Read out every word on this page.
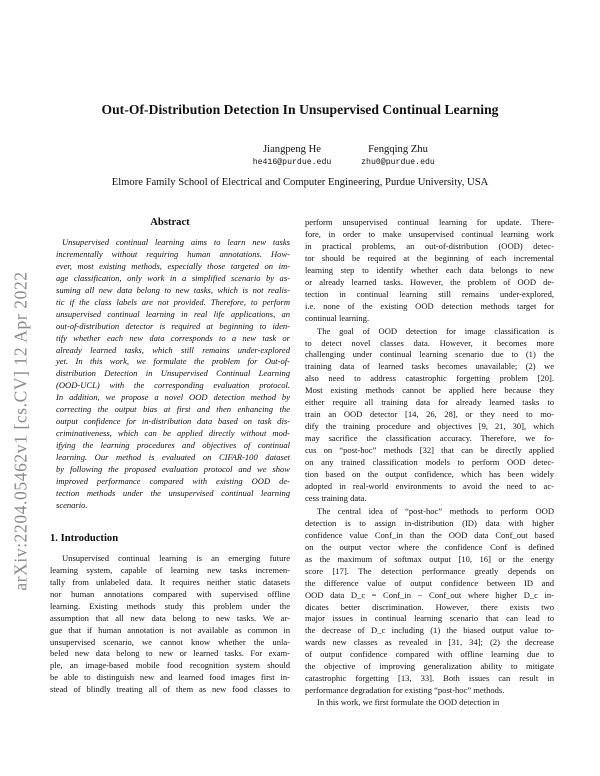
arXiv:2204.05462v1 [cs.CV] 12 Apr 2022
Out-Of-Distribution Detection In Unsupervised Continual Learning
Jiangpeng He
he416@purdue.edu
Fengqing Zhu
zhu0@purdue.edu
Elmore Family School of Electrical and Computer Engineering, Purdue University, USA
Abstract
Unsupervised continual learning aims to learn new tasks
incrementally without requiring human annotations. How-
ever, most existing methods, especially those targeted on im-
age classification, only work in a simplified scenario by as-
suming all new data belong to new tasks, which is not realis-
tic if the class labels are not provided. Therefore, to perform
unsupervised continual learning in real life applications, an
out-of-distribution detector is required at beginning to iden-
tify whether each new data corresponds to a new task or
already learned tasks, which still remains under-explored
yet. In this work, we formulate the problem for Out-of-
distribution Detection in Unsupervised Continual Learning
(OOD-UCL) with the corresponding evaluation protocol.
In addition, we propose a novel OOD detection method by
correcting the output bias at first and then enhancing the
output confidence for in-distribution data based on task dis-
criminativeness, which can be applied directly without mod-
ifying the learning procedures and objectives of continual
learning. Our method is evaluated on CIFAR-100 dataset
by following the proposed evaluation protocol and we show
improved performance compared with existing OOD de-
tection methods under the unsupervised continual learning
scenario.
1. Introduction
Unsupervised continual learning is an emerging future
learning system, capable of learning new tasks incremen-
tally from unlabeled data. It requires neither static datasets
nor human annotations compared with supervised offline
learning. Existing methods study this problem under the
assumption that all new data belong to new tasks. We ar-
gue that if human annotation is not available as common in
unsupervised scenario, we cannot know whether the unla-
beled new data belong to new or learned tasks. For exam-
ple, an image-based mobile food recognition system should
be able to distinguish new and learned food images first in-
stead of blindly treating all of them as new food classes to
perform unsupervised continual learning for update. There-
fore, in order to make unsupervised continual learning work
in practical problems, an out-of-distribution (OOD) detec-
tor should be required at the beginning of each incremental
learning step to identify whether each data belongs to new
or already learned tasks. However, the problem of OOD de-
tection in continual learning still remains under-explored,
i.e. none of the existing OOD detection methods target for
continual learning.
The goal of OOD detection for image classification is
to detect novel classes data. However, it becomes more
challenging under continual learning scenario due to (1) the
training data of learned tasks becomes unavailable; (2) we
also need to address catastrophic forgetting problem [20].
Most existing methods cannot be applied here because they
either require all training data for already learned tasks to
train an OOD detector [14, 26, 28], or they need to mo-
dify the training procedure and objectives [9, 21, 30], which
may sacrifice the classification accuracy. Therefore, we fo-
cus on “post-hoc” methods [32] that can be directly applied
on any trained classification models to perform OOD detec-
tion based on the output confidence, which has been widely
adopted in real-world environments to avoid the need to ac-
cess training data.
The central idea of “post-hoc” methods to perform OOD
detection is to assign in-distribution (ID) data with higher
confidence value Conf_in than the OOD data Conf_out based
on the output vector where the confidence Conf is defined
as the maximum of softmax output [10, 16] or the energy
score [17]. The detection performance greatly depends on
the difference value of output confidence between ID and
OOD data D_c = Conf_in − Conf_out where higher D_c in-
dicates better discrimination. However, there exists two
major issues in continual learning scenario that can lead to
the decrease of D_c including (1) the biased output value to-
wards new classes as revealed in [31, 34]; (2) the decrease
of output confidence compared with offline learning due to
the objective of improving generalization ability to mitigate
catastrophic forgetting [13, 33]. Both issues can result in
performance degradation for existing “post-hoc” methods.
In this work, we first formulate the OOD detection in
